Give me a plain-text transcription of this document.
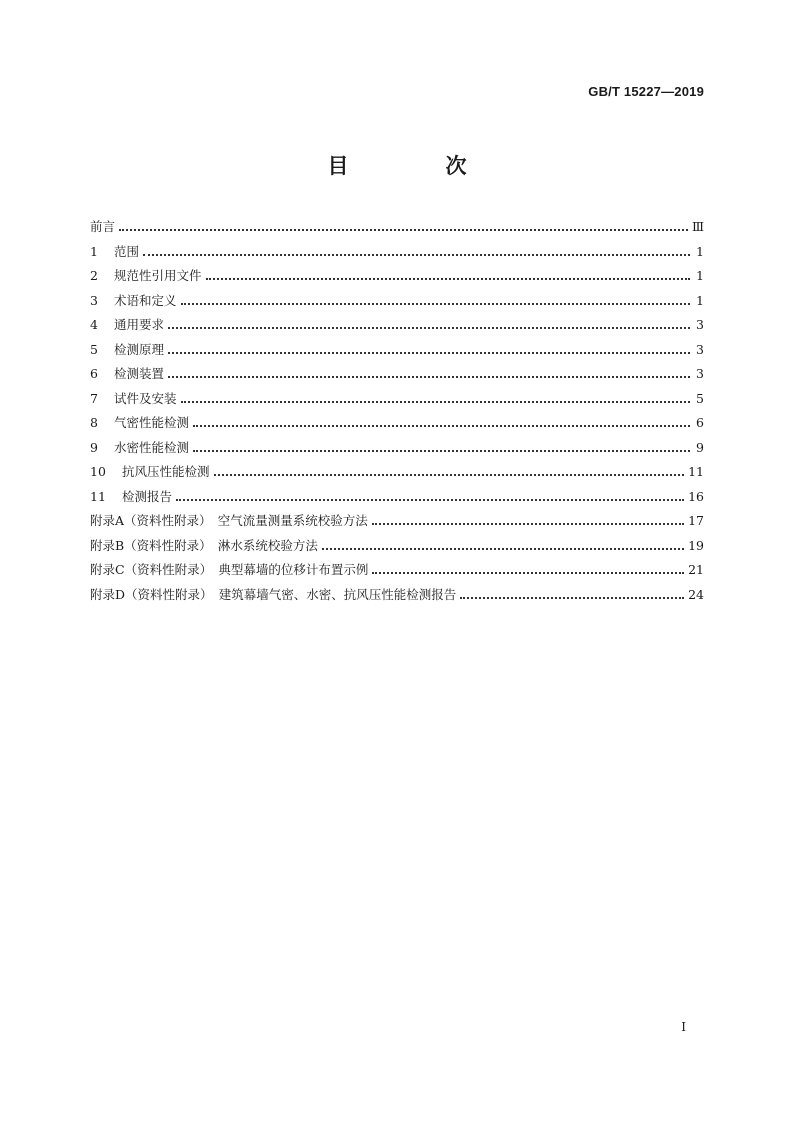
GB/T 15227—2019
目　次
前言	Ⅲ
1	范围	1
2	规范性引用文件	1
3	术语和定义	1
4	通用要求	3
5	检测原理	3
6	检测装置	3
7	试件及安装	5
8	气密性能检测	6
9	水密性能检测	9
10	抗风压性能检测	11
11	检测报告	16
附录A（资料性附录）　空气流量测量系统校验方法	17
附录B（资料性附录）　淋水系统校验方法	19
附录C（资料性附录）　典型幕墙的位移计布置示例	21
附录D（资料性附录）　建筑幕墙气密、水密、抗风压性能检测报告	24
Ⅰ
